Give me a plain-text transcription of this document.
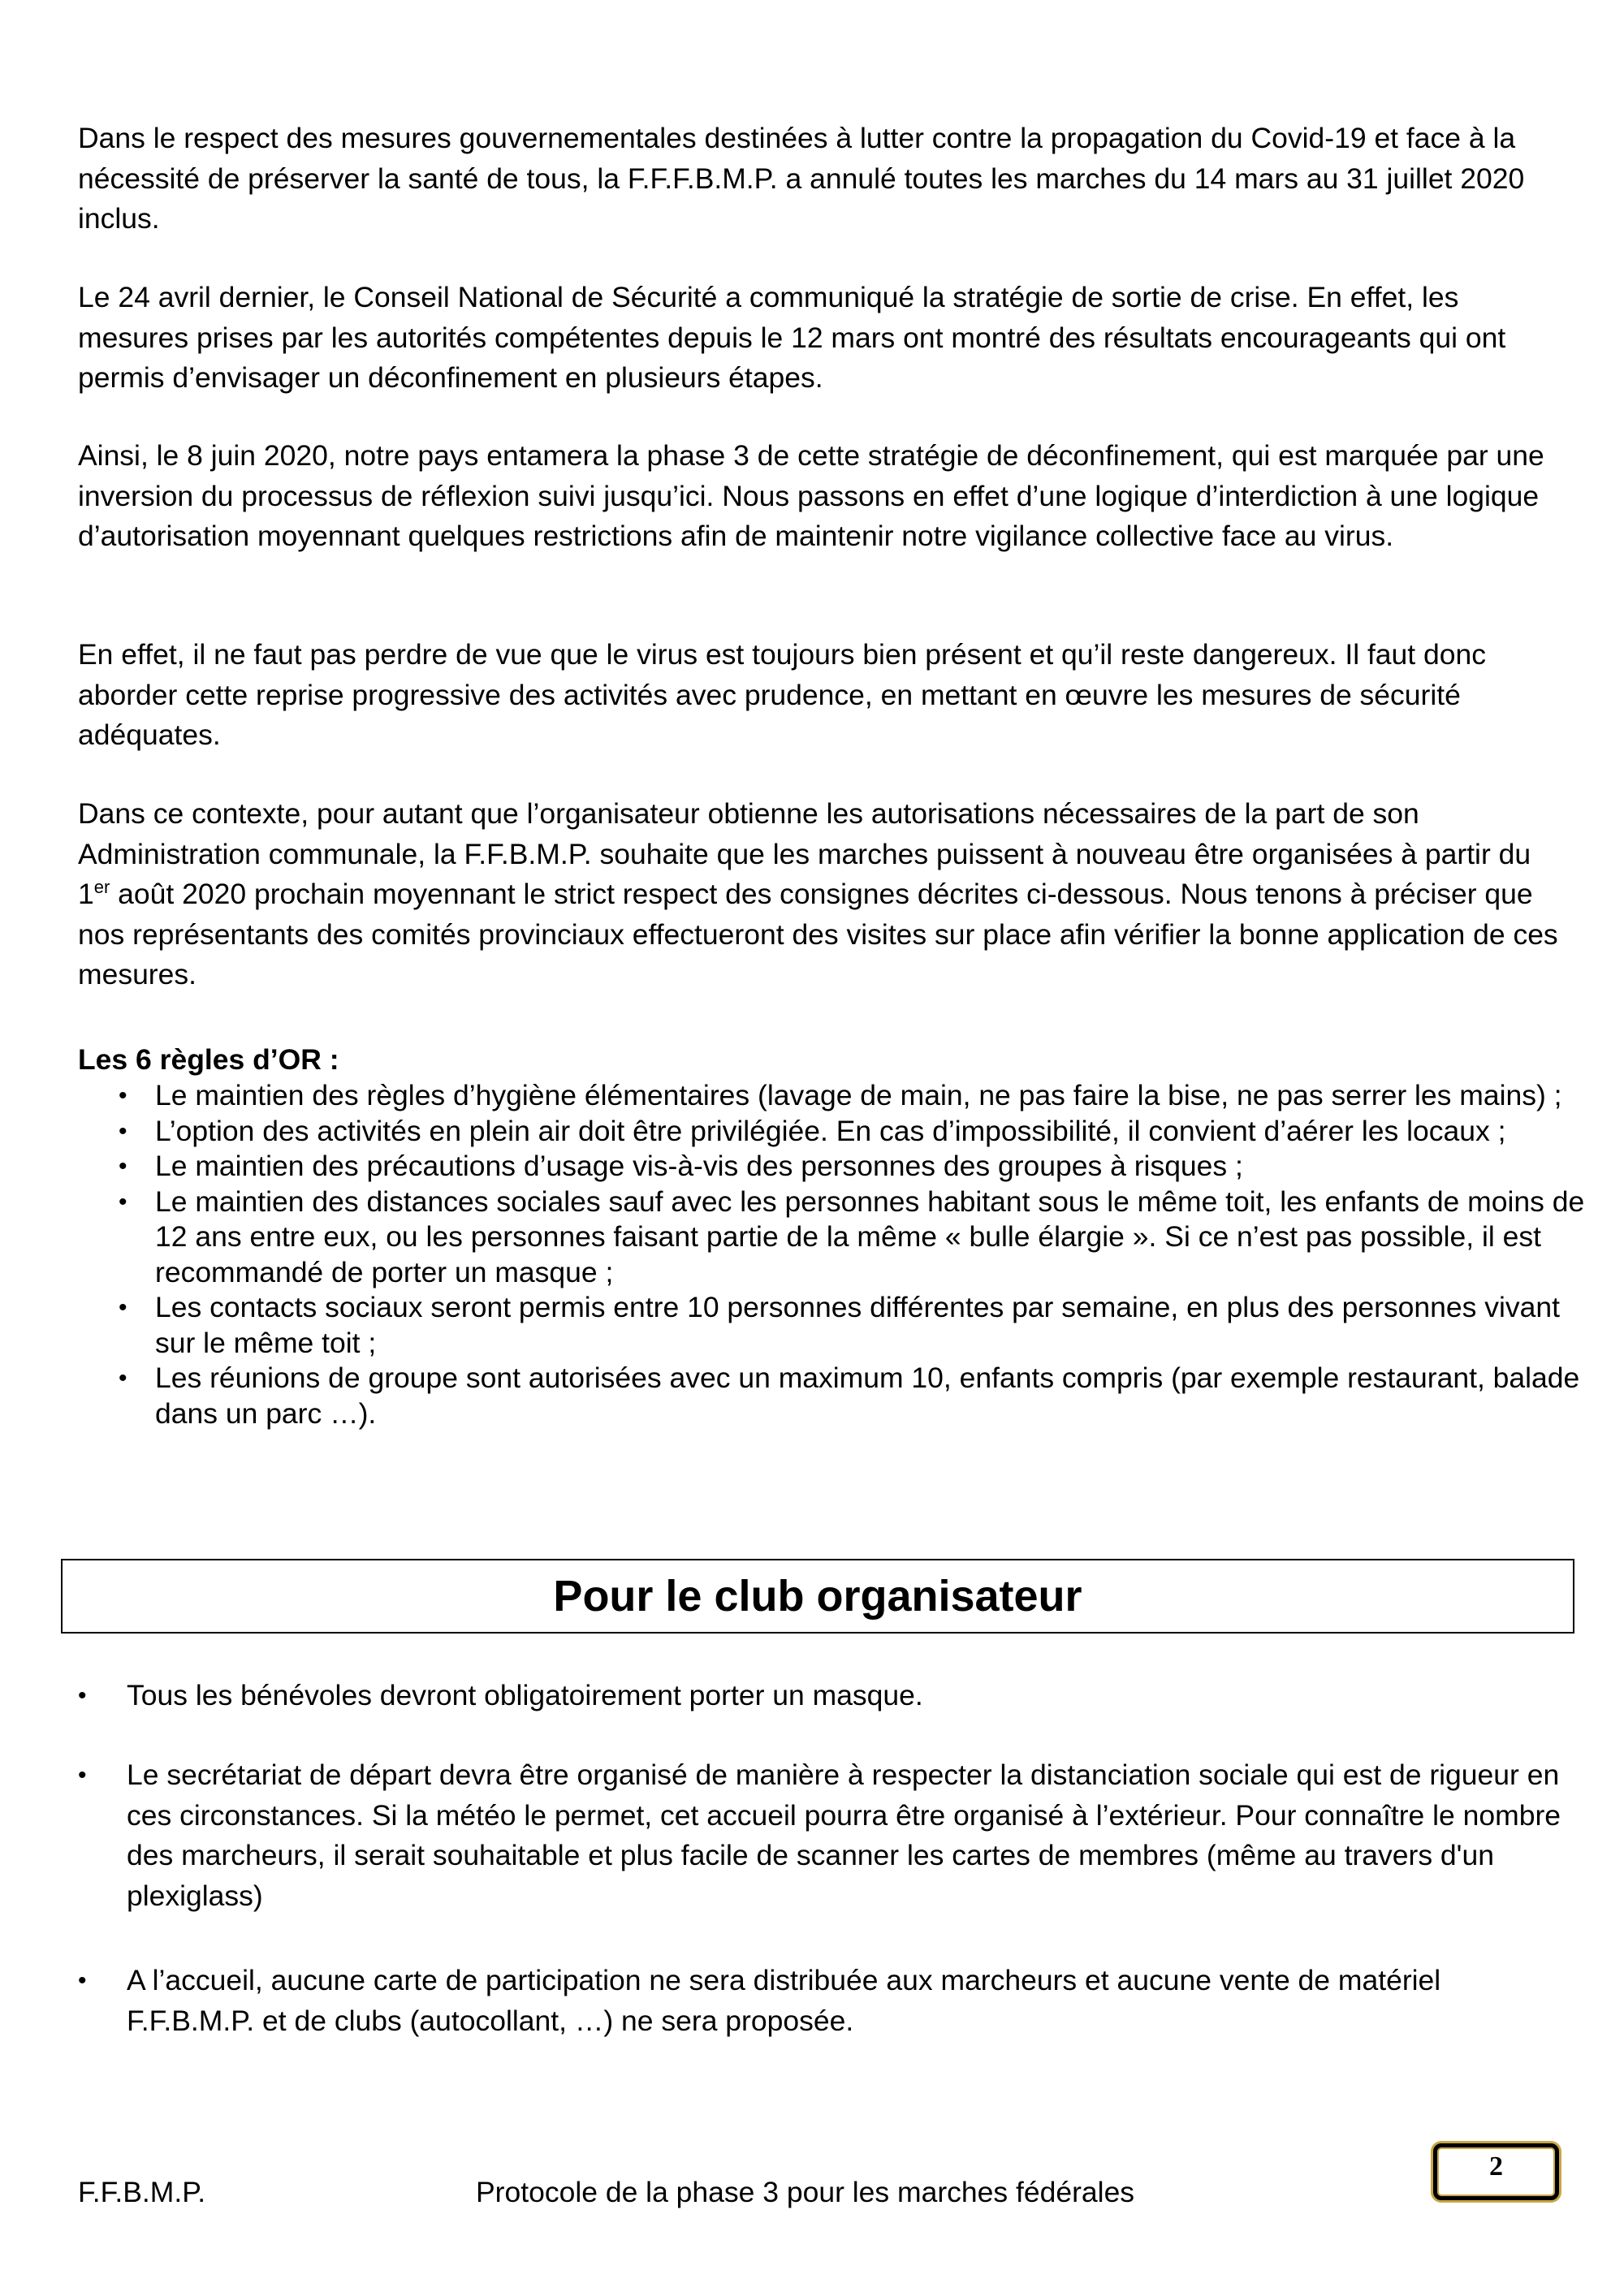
Dans le respect des mesures gouvernementales destinées à lutter contre la propagation du Covid-19 et face à la nécessité de préserver la santé de tous, la F.F.F.B.M.P. a annulé toutes les marches du 14 mars au 31 juillet 2020 inclus.

Le 24 avril dernier, le Conseil National de Sécurité a communiqué la stratégie de sortie de crise. En effet, les mesures prises par les autorités compétentes depuis le 12 mars ont montré des résultats encourageants qui ont permis d’envisager un déconfinement en plusieurs étapes.

Ainsi, le 8 juin 2020, notre pays entamera la phase 3 de cette stratégie de déconfinement, qui est marquée par une inversion du processus de réflexion suivi jusqu’ici. Nous passons en effet d’une logique d’interdiction à une logique d’autorisation moyennant quelques restrictions afin de maintenir notre vigilance collective face au virus.

En effet, il ne faut pas perdre de vue que le virus est toujours bien présent et qu’il reste dangereux. Il faut donc aborder cette reprise progressive des activités avec prudence, en mettant en œuvre les mesures de sécurité adéquates.

Dans ce contexte, pour autant que l’organisateur obtienne les autorisations nécessaires de la part de son Administration communale, la F.F.B.M.P. souhaite que les marches puissent à nouveau être organisées à partir du 1er août 2020 prochain moyennant le strict respect des consignes décrites ci-dessous. Nous tenons à préciser que nos représentants des comités provinciaux effectueront des visites sur place afin vérifier la bonne application de ces mesures.

Les 6 règles d’OR :

• Le maintien des règles d’hygiène élémentaires (lavage de main, ne pas faire la bise, ne pas serrer les mains) ;
• L’option des activités en plein air doit être privilégiée. En cas d’impossibilité, il convient d’aérer les locaux ;
• Le maintien des précautions d’usage vis-à-vis des personnes des groupes à risques ;
• Le maintien des distances sociales sauf avec les personnes habitant sous le même toit, les enfants de moins de 12 ans entre eux, ou les personnes faisant partie de la même « bulle élargie ». Si ce n’est pas possible, il est recommandé de porter un masque ;
• Les contacts sociaux seront permis entre 10 personnes différentes par semaine, en plus des personnes vivant sur le même toit ;
• Les réunions de groupe sont autorisées avec un maximum 10, enfants compris (par exemple restaurant, balade dans un parc …).
Pour le club organisateur
• Tous les bénévoles devront obligatoirement porter un masque.

• Le secrétariat de départ devra être organisé de manière à respecter la distanciation sociale qui est de rigueur en ces circonstances. Si la météo le permet, cet accueil pourra être organisé à l’extérieur. Pour connaître le nombre des marcheurs, il serait souhaitable et plus facile de scanner les cartes de membres (même au travers d'un plexiglass)

• A l’accueil, aucune carte de participation ne sera distribuée aux marcheurs et aucune vente de matériel F.F.B.M.P. et de clubs (autocollant, …) ne sera proposée.

F.F.B.M.P.	Protocole de la phase 3 pour les marches fédérales
2
